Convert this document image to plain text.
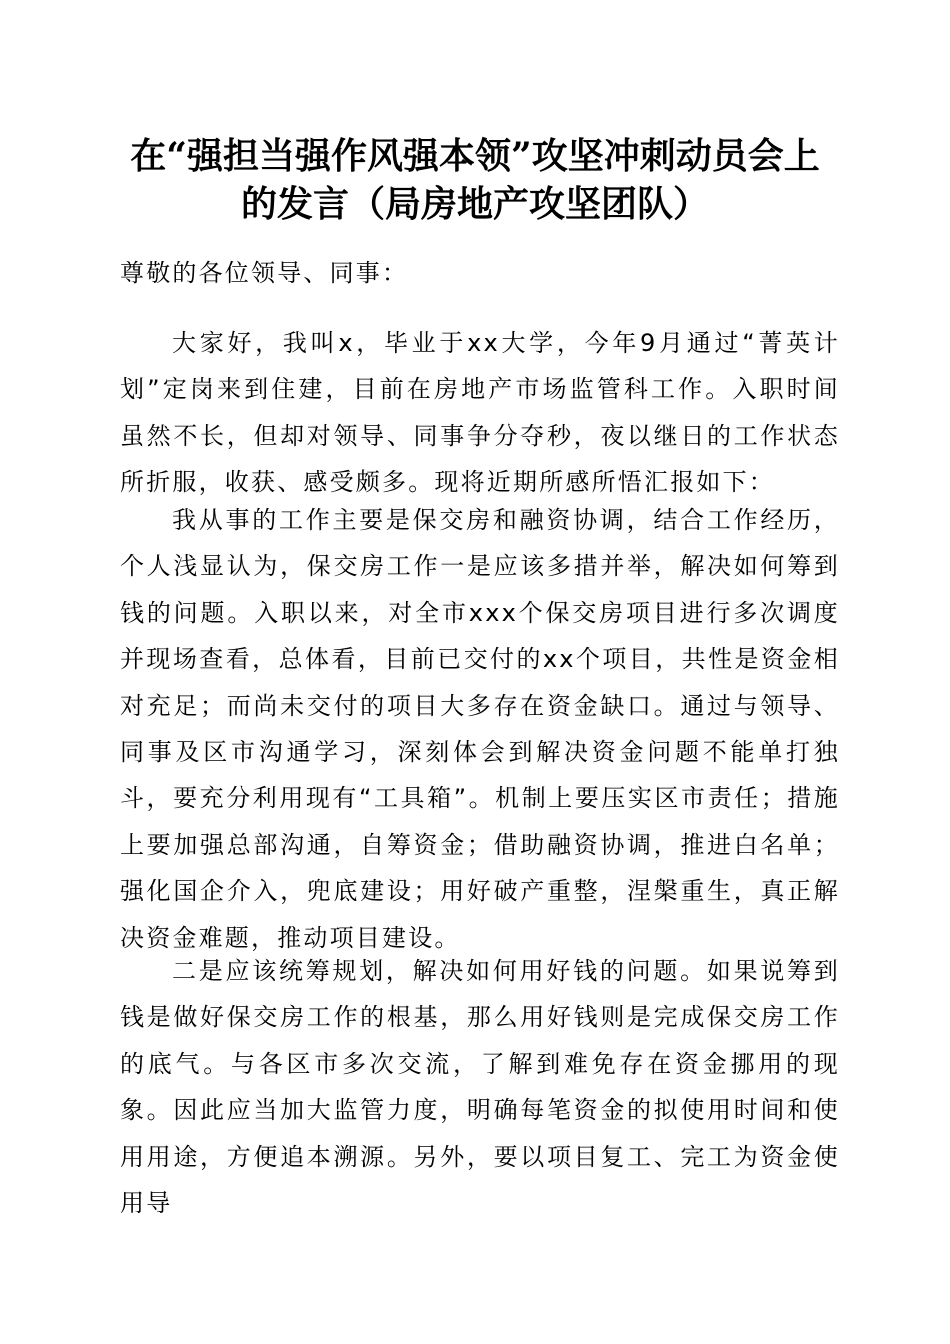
在“强担当强作风强本领”攻坚冲刺动员会上
的发言（局房地产攻坚团队）

尊敬的各位领导、同事：

大家好，我叫x，毕业于xx大学，今年9月通过“菁英计划”定岗来到住建，目前在房地产市场监管科工作。入职时间虽然不长，但却对领导、同事争分夺秒，夜以继日的工作状态所折服，收获、感受颇多。现将近期所感所悟汇报如下：

我从事的工作主要是保交房和融资协调，结合工作经历，个人浅显认为，保交房工作一是应该多措并举，解决如何筹到钱的问题。入职以来，对全市xxx个保交房项目进行多次调度并现场查看，总体看，目前已交付的xx个项目，共性是资金相对充足；而尚未交付的项目大多存在资金缺口。通过与领导、同事及区市沟通学习，深刻体会到解决资金问题不能单打独斗，要充分利用现有“工具箱”。机制上要压实区市责任；措施上要加强总部沟通，自筹资金；借助融资协调，推进白名单；强化国企介入，兜底建设；用好破产重整，涅槃重生，真正解决资金难题，推动项目建设。

二是应该统筹规划，解决如何用好钱的问题。如果说筹到钱是做好保交房工作的根基，那么用好钱则是完成保交房工作的底气。与各区市多次交流，了解到难免存在资金挪用的现象。因此应当加大监管力度，明确每笔资金的拟使用时间和使用用途，方便追本溯源。另外，要以项目复工、完工为资金使用导
